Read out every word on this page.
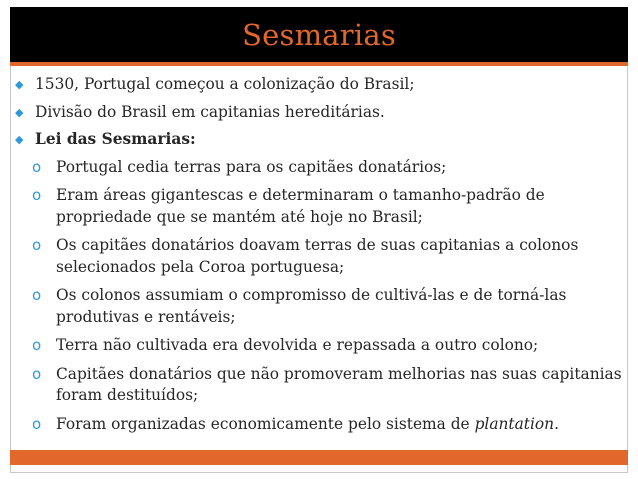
Sesmarias
◆ 1530, Portugal começou a colonização do Brasil;
◆ Divisão do Brasil em capitanias hereditárias.
◆ Lei das Sesmarias:
o Portugal cedia terras para os capitães donatários;
o Eram áreas gigantescas e determinaram o tamanho-padrão de
propriedade que se mantém até hoje no Brasil;
o Os capitães donatários doavam terras de suas capitanias a colonos
selecionados pela Coroa portuguesa;
o Os colonos assumiam o compromisso de cultivá-las e de torná-las
produtivas e rentáveis;
o Terra não cultivada era devolvida e repassada a outro colono;
o Capitães donatários que não promoveram melhorias nas suas capitanias
foram destituídos;
o Foram organizadas economicamente pelo sistema de plantation.
